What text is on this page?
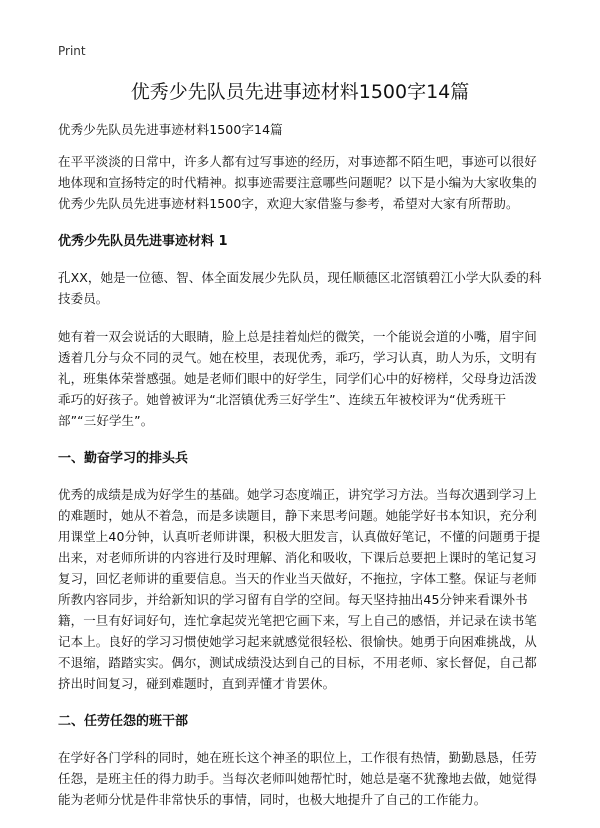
Print
优秀少先队员先进事迹材料1500字14篇

优秀少先队员先进事迹材料1500字14篇

在平平淡淡的日常中，许多人都有过写事迹的经历，对事迹都不陌生吧，事迹可以很好地体现和宣扬特定的时代精神。拟事迹需要注意哪些问题呢？以下是小编为大家收集的优秀少先队员先进事迹材料1500字，欢迎大家借鉴与参考，希望对大家有所帮助。

优秀少先队员先进事迹材料 1

孔XX，她是一位德、智、体全面发展少先队员，现任顺德区北滘镇碧江小学大队委的科技委员。

她有着一双会说话的大眼睛，脸上总是挂着灿烂的微笑，一个能说会道的小嘴，眉宇间透着几分与众不同的灵气。她在校里，表现优秀，乖巧，学习认真，助人为乐，文明有礼，班集体荣誉感强。她是老师们眼中的好学生，同学们心中的好榜样，父母身边活泼乖巧的好孩子。她曾被评为“北滘镇优秀三好学生”、连续五年被校评为“优秀班干部”“三好学生”。

一、勤奋学习的排头兵

优秀的成绩是成为好学生的基础。她学习态度端正，讲究学习方法。当每次遇到学习上的难题时，她从不着急，而是多读题目，静下来思考问题。她能学好书本知识，充分利用课堂上40分钟，认真听老师讲课，积极大胆发言，认真做好笔记，不懂的问题勇于提出来，对老师所讲的内容进行及时理解、消化和吸收，下课后总要把上课时的笔记复习复习，回忆老师讲的重要信息。当天的作业当天做好，不拖拉，字体工整。保证与老师所教内容同步，并给新知识的学习留有自学的空间。每天坚持抽出45分钟来看课外书籍，一旦有好词好句，连忙拿起荧光笔把它画下来，写上自己的感悟，并记录在读书笔记本上。良好的学习习惯使她学习起来就感觉很轻松、很愉快。她勇于向困难挑战，从不退缩，踏踏实实。偶尔，测试成绩没达到自己的目标，不用老师、家长督促，自己都挤出时间复习，碰到难题时，直到弄懂才肯罢休。

二、任劳任怨的班干部

在学好各门学科的同时，她在班长这个神圣的职位上，工作很有热情，勤勤恳恳，任劳任怨，是班主任的得力助手。当每次老师叫她帮忙时，她总是毫不犹豫地去做，她觉得能为老师分忧是件非常快乐的事情，同时，也极大地提升了自己的工作能力。
